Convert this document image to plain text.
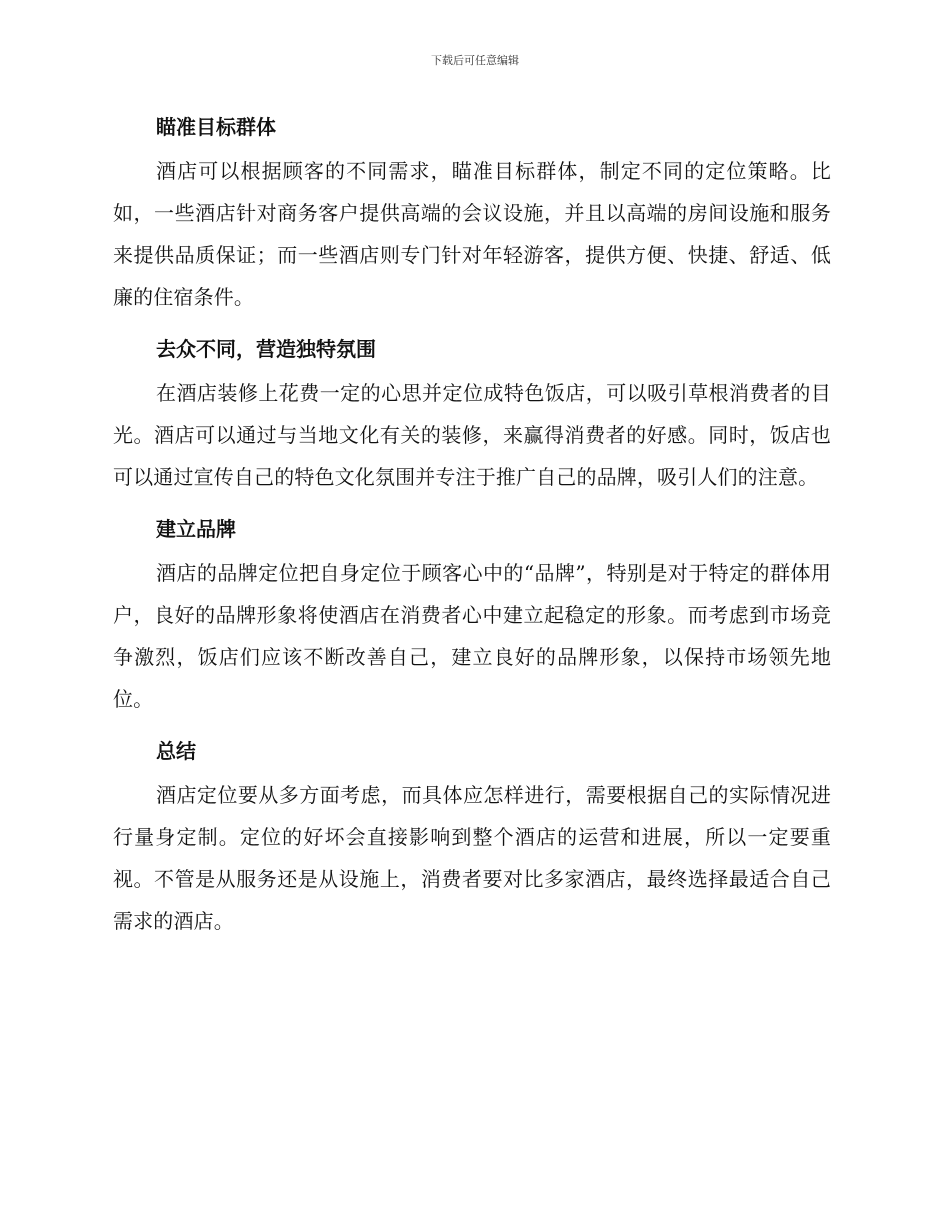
下载后可任意编辑
瞄准目标群体

酒店可以根据顾客的不同需求，瞄准目标群体，制定不同的定位策略。比如，一些酒店针对商务客户提供高端的会议设施，并且以高端的房间设施和服务来提供品质保证；而一些酒店则专门针对年轻游客，提供方便、快捷、舒适、低廉的住宿条件。

去众不同，营造独特氛围

在酒店装修上花费一定的心思并定位成特色饭店，可以吸引草根消费者的目光。酒店可以通过与当地文化有关的装修，来赢得消费者的好感。同时，饭店也可以通过宣传自己的特色文化氛围并专注于推广自己的品牌，吸引人们的注意。

建立品牌

酒店的品牌定位把自身定位于顾客心中的“品牌”，特别是对于特定的群体用户，良好的品牌形象将使酒店在消费者心中建立起稳定的形象。而考虑到市场竞争激烈，饭店们应该不断改善自己，建立良好的品牌形象，以保持市场领先地位。

总结

酒店定位要从多方面考虑，而具体应怎样进行，需要根据自己的实际情况进行量身定制。定位的好坏会直接影响到整个酒店的运营和进展，所以一定要重视。不管是从服务还是从设施上，消费者要对比多家酒店，最终选择最适合自己需求的酒店。
